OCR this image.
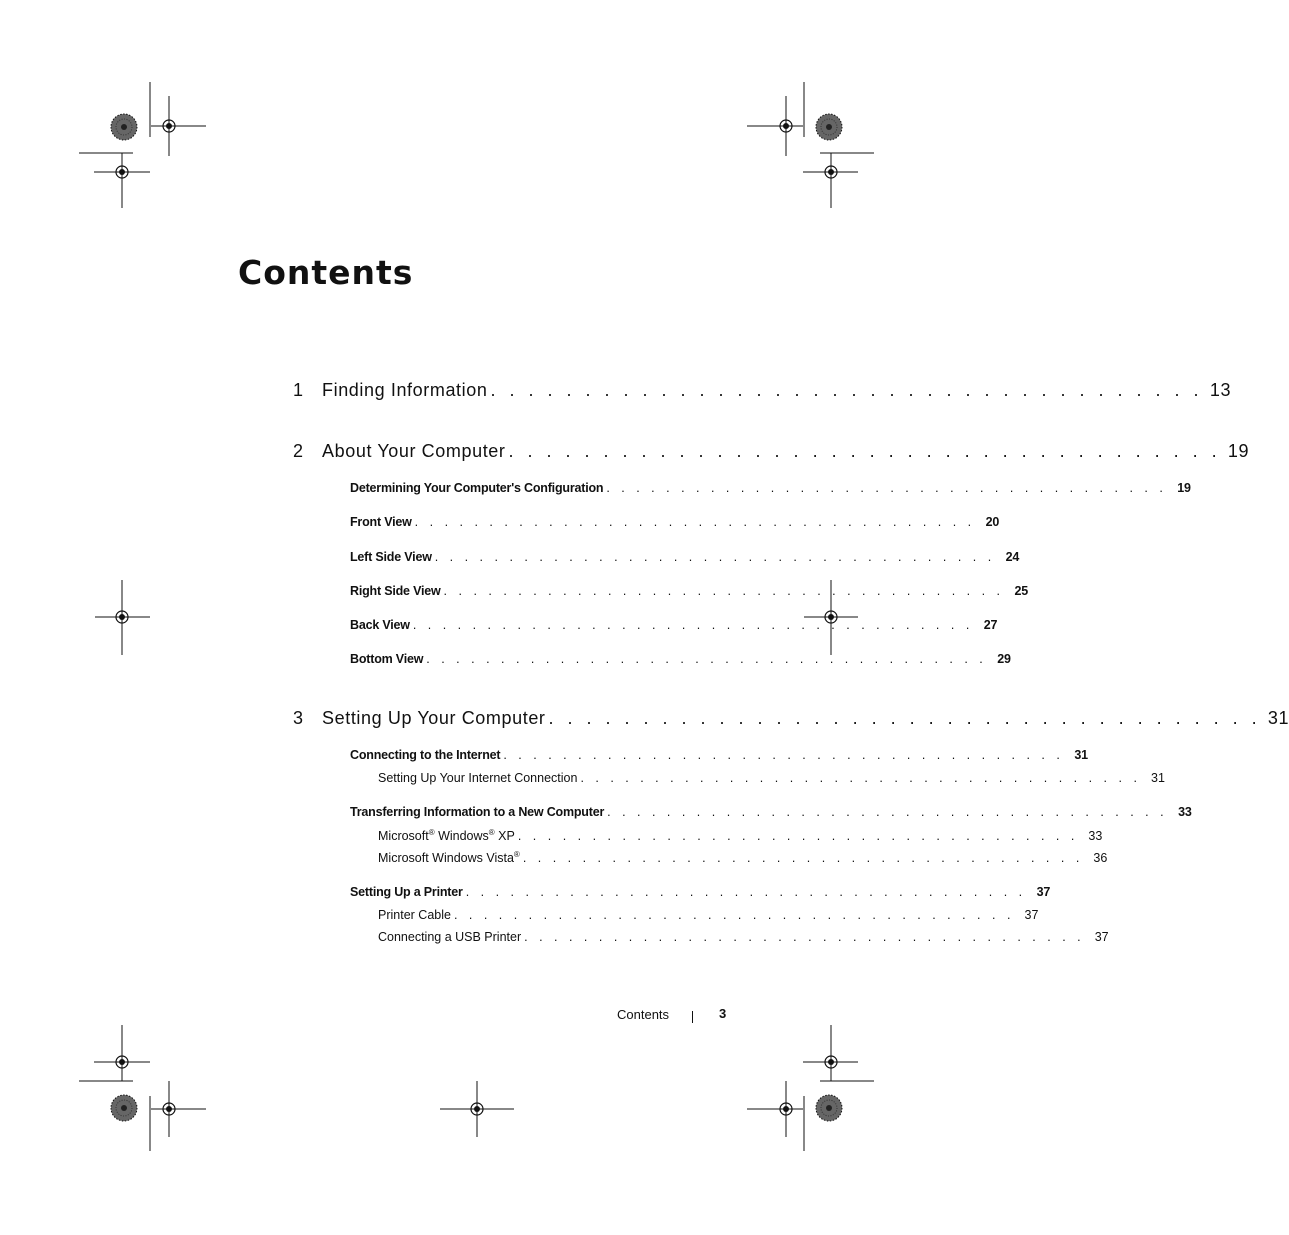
Contents
1 Finding Information . . . . . . . . . . . . . . . . . . . . . . . . . . . . . . . . . . . . . . 13
2 About Your Computer . . . . . . . . . . . . . . . . . . . . . . . . . . . . . . . . . . . . . . 19
Determining Your Computer's Configuration . . . . . . . . . . . . . . . . . . . . . . . . . . . . . . . . . . . . . . 19
Front View . . . . . . . . . . . . . . . . . . . . . . . . . . . . . . . . . . . . . . 20
Left Side View . . . . . . . . . . . . . . . . . . . . . . . . . . . . . . . . . . . . . . 24
Right Side View . . . . . . . . . . . . . . . . . . . . . . . . . . . . . . . . . . . . . . 25
Back View . . . . . . . . . . . . . . . . . . . . . . . . . . . . . . . . . . . . . . 27
Bottom View . . . . . . . . . . . . . . . . . . . . . . . . . . . . . . . . . . . . . . 29
3 Setting Up Your Computer . . . . . . . . . . . . . . . . . . . . . . . . . . . . . . . . . . . . . . 31
Connecting to the Internet . . . . . . . . . . . . . . . . . . . . . . . . . . . . . . . . . . . . . . 31
Setting Up Your Internet Connection . . . . . . . . . . . . . . . . . . . . . . . . . . . . . . . . . . . . . . 31
Transferring Information to a New Computer . . . . . . . . . . . . . . . . . . . . . . . . . . . . . . . . . . . . . . 33
Microsoft® Windows® XP . . . . . . . . . . . . . . . . . . . . . . . . . . . . . . . . . . . . . . 33
Microsoft Windows Vista® . . . . . . . . . . . . . . . . . . . . . . . . . . . . . . . . . . . . . . 36
Setting Up a Printer . . . . . . . . . . . . . . . . . . . . . . . . . . . . . . . . . . . . . . 37
Printer Cable . . . . . . . . . . . . . . . . . . . . . . . . . . . . . . . . . . . . . . 37
Connecting a USB Printer . . . . . . . . . . . . . . . . . . . . . . . . . . . . . . . . . . . . . . 37
Contents	3
